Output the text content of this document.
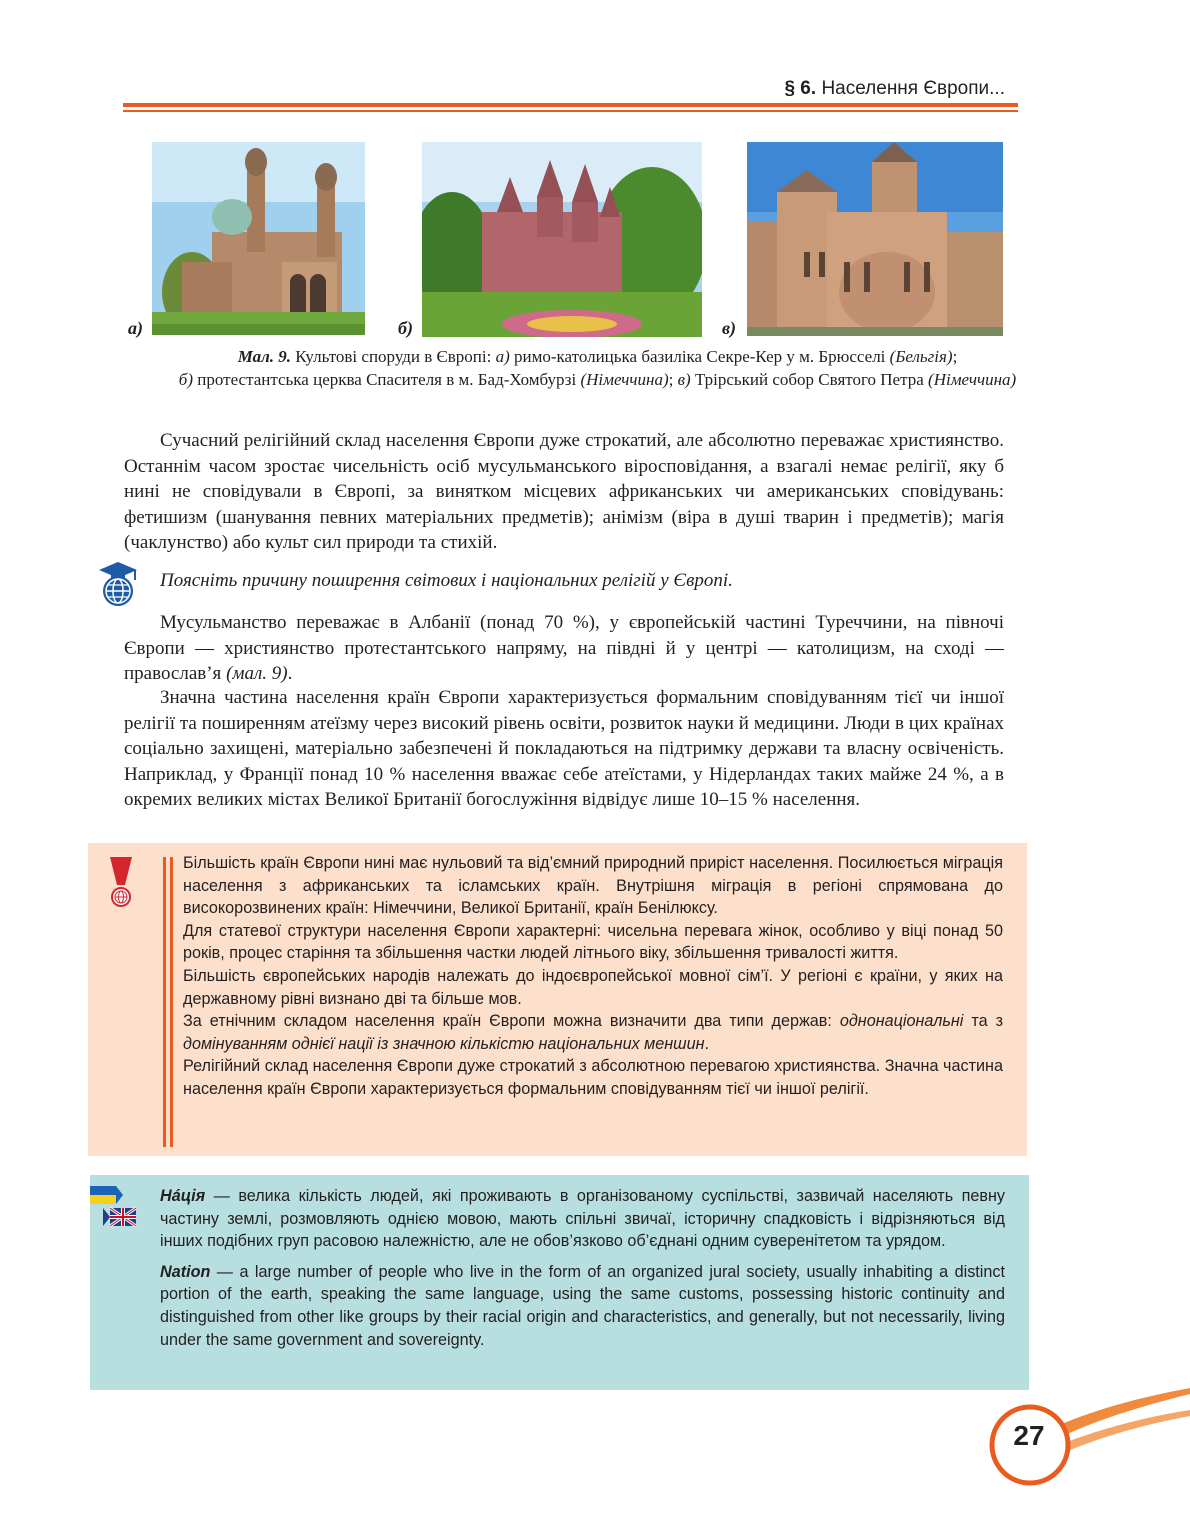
§ 6. Населення Європи...
а)	б)	в)
Мал. 9. Культові споруди в Європі: а) римо-католицька базиліка Секре-Кер у м. Брюсселі (Бельгія);
б) протестантська церква Спасителя в м. Бад-Хомбурзі (Німеччина); в) Трірський собор Святого Петра (Німеччина)

Сучасний релігійний склад населення Європи дуже строкатий, але абсолютно переважає християнство. Останнім часом зростає чисельність осіб мусульманського віросповідання, а взагалі немає релігії, яку б нині не сповідували в Європі, за винятком місцевих африканських чи американських сповідувань: фетишизм (шанування певних матеріальних предметів); анімізм (віра в душі тварин і предметів); магія (чаклунство) або культ сил природи та стихій.

Поясніть причину поширення світових і національних релігій у Європі.

Мусульманство переважає в Албанії (понад 70 %), у європейській частині Туреччини, на півночі Європи — християнство протестантського напряму, на півдні й у центрі — католицизм, на сході — православ’я (мал. 9).

Значна частина населення країн Європи характеризується формальним сповідуванням тієї чи іншої релігії та поширенням атеїзму через високий рівень освіти, розвиток науки й медицини. Люди в цих країнах соціально захищені, матеріально забезпечені й покладаються на підтримку держави та власну освіченість. Наприклад, у Франції понад 10 % населення вважає себе атеїстами, у Нідерландах таких майже 24 %, а в окремих великих містах Великої Британії богослужіння відвідує лише 10–15 % населення.

Більшість країн Європи нині має нульовий та від’ємний природний приріст населення. Посилюється міграція населення з африканських та ісламських країн. Внутрішня міграція в регіоні спрямована до високорозвинених країн: Німеччини, Великої Британії, країн Бенілюксу.

Для статевої структури населення Європи характерні: чисельна перевага жінок, особливо у віці понад 50 років, процес старіння та збільшення частки людей літнього віку, збільшення тривалості життя.

Більшість європейських народів належать до індоєвропейської мовної сім’ї. У регіоні є країни, у яких на державному рівні визнано дві та більше мов.

За етнічним складом населення країн Європи можна визначити два типи держав: однонаціональні та з домінуванням однієї нації із значною кількістю національних меншин.

Релігійний склад населення Європи дуже строкатий з абсолютною перевагою християнства. Значна частина населення країн Європи характеризується формальним сповідуванням тієї чи іншої релігії.

Нáція — велика кількість людей, які проживають в організованому суспільстві, зазвичай населяють певну частину землі, розмовляють однією мовою, мають спільні звичаї, історичну спадковість і відрізняються від інших подібних груп расовою належністю, але не обов’язково об’єднані одним суверенітетом та урядом.

Nation — a large number of people who live in the form of an organized jural society, usually inhabiting a distinct portion of the earth, speaking the same language, using the same customs, possessing historic continuity and distinguished from other like groups by their racial origin and characteristics, and generally, but not necessarily, living under the same government and sovereignty.

27
